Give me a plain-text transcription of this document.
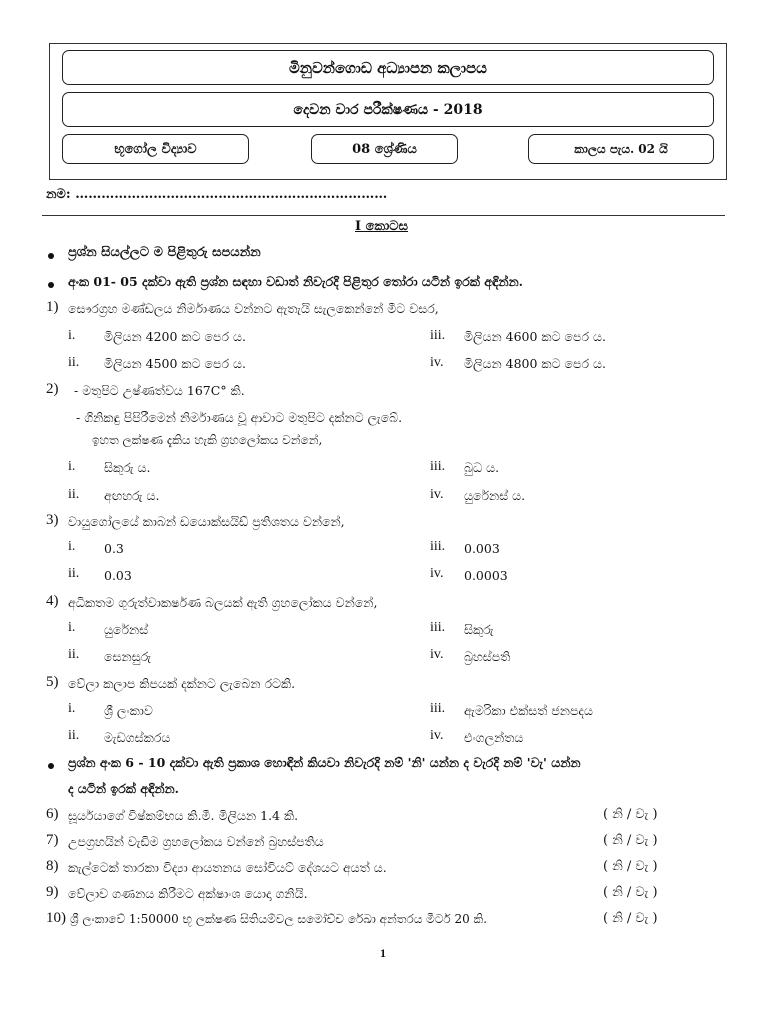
මිනුවන්ගොඩ අධ්‍යාපන කලාපය
දෙවන වාර පරීක්ෂණය - 2018
භූගෝල විද්‍යාව	08 ශ්‍රේණිය	කාලය පැය. 02 යි
නම: ………………………………………………………………
I කොටස
ප්‍රශ්න සියල්ලට ම පිළිතුරු සපයන්න
අංක 01- 05 දක්වා ඇති ප්‍රශ්න සඳහා වඩාත් නිවැරදි පිළිතුර තෝරා යටින් ඉරක් අඳින්න.
1) සෞරග්‍රහ මණ්ඩලය නිර්මාණය වන්නට ඇතැයි සැලකෙන්නේ මීට වසර,
i. මිලියන 4200 කට පෙර ය.	iii. මිලියන 4600 කට පෙර ය.
ii. මිලියන 4500 කට පෙර ය.	iv. මිලියන 4800 කට පෙර ය.
2) - මතුපිට උෂ්ණත්වය 167C° කි.
- ගිනිකඳු පිපිරීමෙන් නිර්මාණය වූ ආවාට මතුපිට දක්නට ලැබේ.
ඉහත ලක්ෂණ දැකිය හැකි ග්‍රහලෝකය වන්නේ,
i. සිකුරු ය.	iii. බුධ ය.
ii. අඟහරු ය.	iv. යුරේනස් ය.
3) වායුගෝලයේ කාබන් ඩයොක්සයිඩ් ප්‍රතිශතය වන්නේ,
i. 0.3	iii. 0.003
ii. 0.03	iv. 0.0003
4) අධිකතම ගුරුත්වාකර්ෂණ බලයක් ඇති ග්‍රහලෝකය වන්නේ,
i. යුරේනස්	iii. සිකුරු
ii. සෙනසුරු	iv. බ්‍රහස්පති
5) වේලා කලාප කිපයක් දක්නට ලැබෙන රටකි.
i. ශ්‍රී ලංකාව	iii. ඇමරිකා එක්සත් ජනපදය
ii. මැඩගස්කරය	iv. එංගලන්තය
ප්‍රශ්න අංක 6 - 10 දක්වා ඇති ප්‍රකාශ හොඳින් කියවා නිවැරදි නම් 'නි' යන්න ද වැරදි නම් 'වැ' යන්න
ද යටින් ඉරක් අඳින්න.
6) සූර්යයාගේ විෂ්කම්භය කි.මී. මිලියන 1.4 කි.	( නි / වැ )
7) උපග්‍රහයින් වැඩිම ග්‍රහලෝකය වන්නේ බ්‍රහස්පතිය	( නි / වැ )
8) කැල්ටෙක් තාරකා විද්‍යා ආයතනය සෝවියට් දේශයට අයත් ය.	( නි / වැ )
9) වේලාව ගණනය කිරීමට අක්ෂාංශ යොදා ගනියි.	( නි / වැ )
10) ශ්‍රී ලංකාවේ 1:50000 භූ ලක්ෂණ සිතියම්වල සමෝච්ච රේඛා අන්තරය මීටර් 20 කි.	( නි / වැ )
1
